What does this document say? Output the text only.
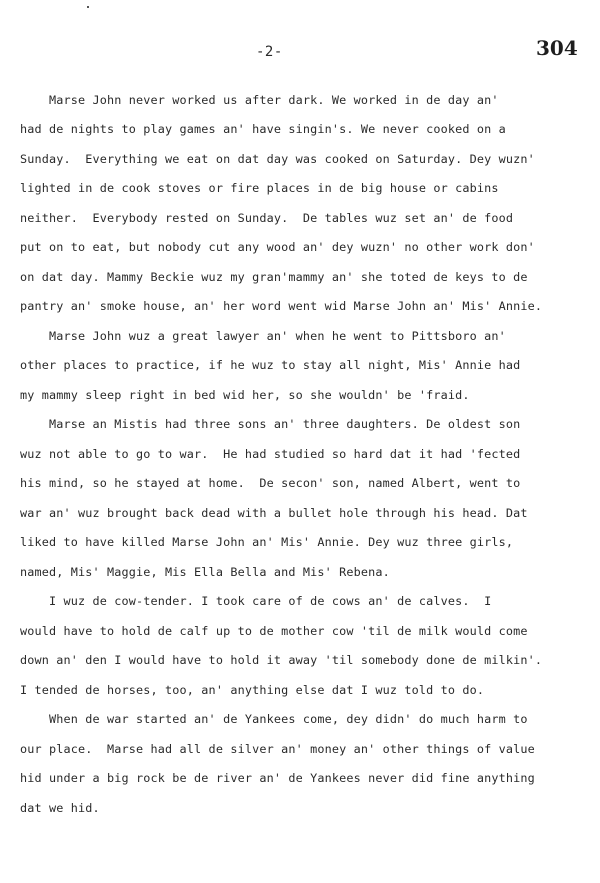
-2-	304
Marse John never worked us after dark. We worked in de day an'
had de nights to play games an' have singin's. We never cooked on a
Sunday.  Everything we eat on dat day was cooked on Saturday. Dey wuzn'
lighted in de cook stoves or fire places in de big house or cabins
neither.  Everybody rested on Sunday.  De tables wuz set an' de food
put on to eat, but nobody cut any wood an' dey wuzn' no other work don'
on dat day. Mammy Beckie wuz my gran'mammy an' she toted de keys to de
pantry an' smoke house, an' her word went wid Marse John an' Mis' Annie.
Marse John wuz a great lawyer an' when he went to Pittsboro an'
other places to practice, if he wuz to stay all night, Mis' Annie had
my mammy sleep right in bed wid her, so she wouldn' be 'fraid.
Marse an Mistis had three sons an' three daughters. De oldest son
wuz not able to go to war.  He had studied so hard dat it had 'fected
his mind, so he stayed at home.  De secon' son, named Albert, went to
war an' wuz brought back dead with a bullet hole through his head. Dat
liked to have killed Marse John an' Mis' Annie. Dey wuz three girls,
named, Mis' Maggie, Mis Ella Bella and Mis' Rebena.
I wuz de cow-tender. I took care of de cows an' de calves.  I
would have to hold de calf up to de mother cow 'til de milk would come
down an' den I would have to hold it away 'til somebody done de milkin'.
I tended de horses, too, an' anything else dat I wuz told to do.
When de war started an' de Yankees come, dey didn' do much harm to
our place.  Marse had all de silver an' money an' other things of value
hid under a big rock be de river an' de Yankees never did fine anything
dat we hid.
